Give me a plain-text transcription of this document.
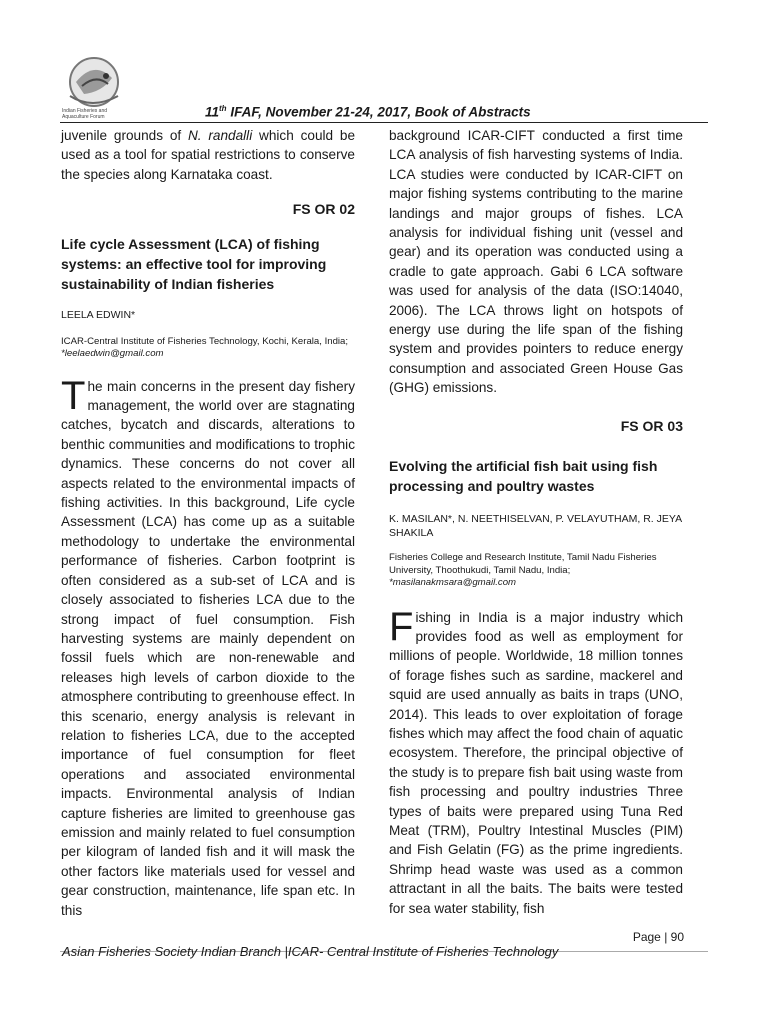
Indian Fisheries and
Aquaculture Forum	11th IFAF, November 21-24, 2017, Book of Abstracts

juvenile grounds of N. randalli which could be used as a tool for spatial restrictions to conserve the species along Karnataka coast.

FS OR 02

Life cycle Assessment (LCA) of fishing systems: an effective tool for improving sustainability of Indian fisheries

LEELA EDWIN*

ICAR-Central Institute of Fisheries Technology, Kochi, Kerala, India; *leelaedwin@gmail.com

The main concerns in the present day fishery management, the world over are stagnating catches, bycatch and discards, alterations to benthic communities and modifications to trophic dynamics. These concerns do not cover all aspects related to the environmental impacts of fishing activities. In this background, Life cycle Assessment (LCA) has come up as a suitable methodology to undertake the environmental performance of fisheries. Carbon footprint is often considered as a sub-set of LCA and is closely associated to fisheries LCA due to the strong impact of fuel consumption. Fish harvesting systems are mainly dependent on fossil fuels which are non-renewable and releases high levels of carbon dioxide to the atmosphere contributing to greenhouse effect. In this scenario, energy analysis is relevant in relation to fisheries LCA, due to the accepted importance of fuel consumption for fleet operations and associated environmental impacts. Environmental analysis of Indian capture fisheries are limited to greenhouse gas emission and mainly related to fuel consumption per kilogram of landed fish and it will mask the other factors like materials used for vessel and gear construction, maintenance, life span etc. In this

background ICAR-CIFT conducted a first time LCA analysis of fish harvesting systems of India. LCA studies were conducted by ICAR-CIFT on major fishing systems contributing to the marine landings and major groups of fishes. LCA analysis for individual fishing unit (vessel and gear) and its operation was conducted using a cradle to gate approach. Gabi 6 LCA software was used for analysis of the data (ISO:14040, 2006). The LCA throws light on hotspots of energy use during the life span of the fishing system and provides pointers to reduce energy consumption and associated Green House Gas (GHG) emissions.

FS OR 03

Evolving the artificial fish bait using fish processing and poultry wastes

K. MASILAN*, N. NEETHISELVAN, P. VELAYUTHAM, R. JEYA SHAKILA

Fisheries College and Research Institute, Tamil Nadu Fisheries University, Thoothukudi, Tamil Nadu, India; *masilanakmsara@gmail.com

Fishing in India is a major industry which provides food as well as employment for millions of people. Worldwide, 18 million tonnes of forage fishes such as sardine, mackerel and squid are used annually as baits in traps (UNO, 2014). This leads to over exploitation of forage fishes which may affect the food chain of aquatic ecosystem. Therefore, the principal objective of the study is to prepare fish bait using waste from fish processing and poultry industries Three types of baits were prepared using Tuna Red Meat (TRM), Poultry Intestinal Muscles (PIM) and Fish Gelatin (FG) as the prime ingredients. Shrimp head waste was used as a common attractant in all the baits. The baits were tested for sea water stability, fish

Page | 90
Asian Fisheries Society Indian Branch |ICAR- Central Institute of Fisheries Technology
